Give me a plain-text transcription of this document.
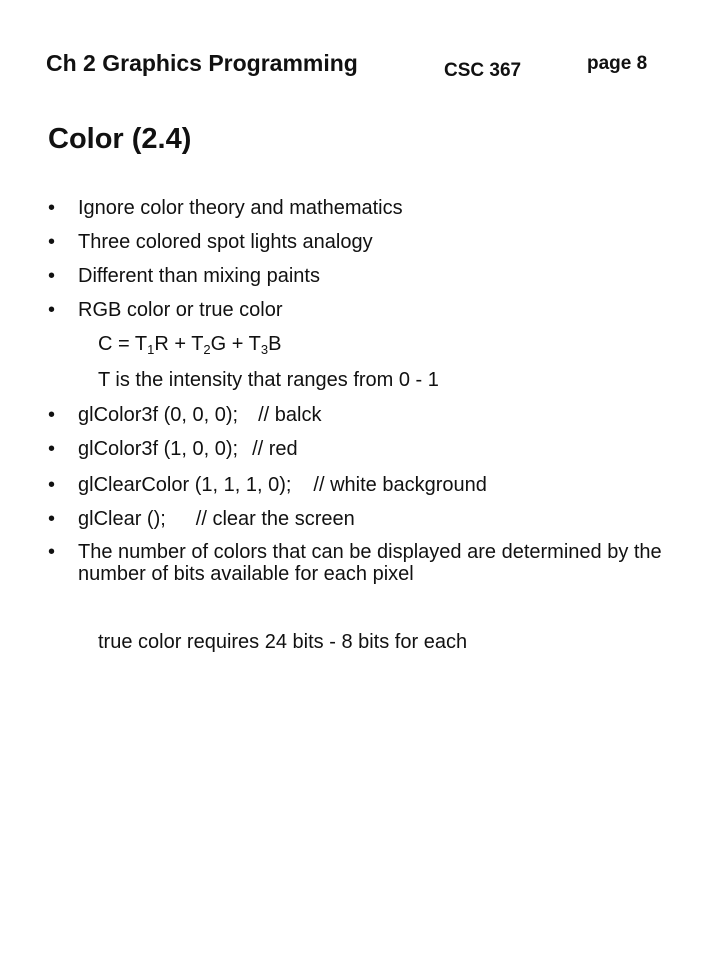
Ch 2 Graphics Programming	CSC 367	page 8
Color (2.4)
• Ignore color theory and mathematics
• Three colored spot lights analogy
• Different than mixing paints
• RGB color or true color
$C = T_1R + T_2G + T_3B$
T is the intensity that ranges from 0 - 1
• glColor3f (0, 0, 0); // balck
• glColor3f (1, 0, 0); // red
• glClearColor (1, 1, 1, 0); // white background
• glClear (); // clear the screen
• The number of colors that can be displayed are determined by the number of bits available for each pixel
true color requires 24 bits - 8 bits for each
